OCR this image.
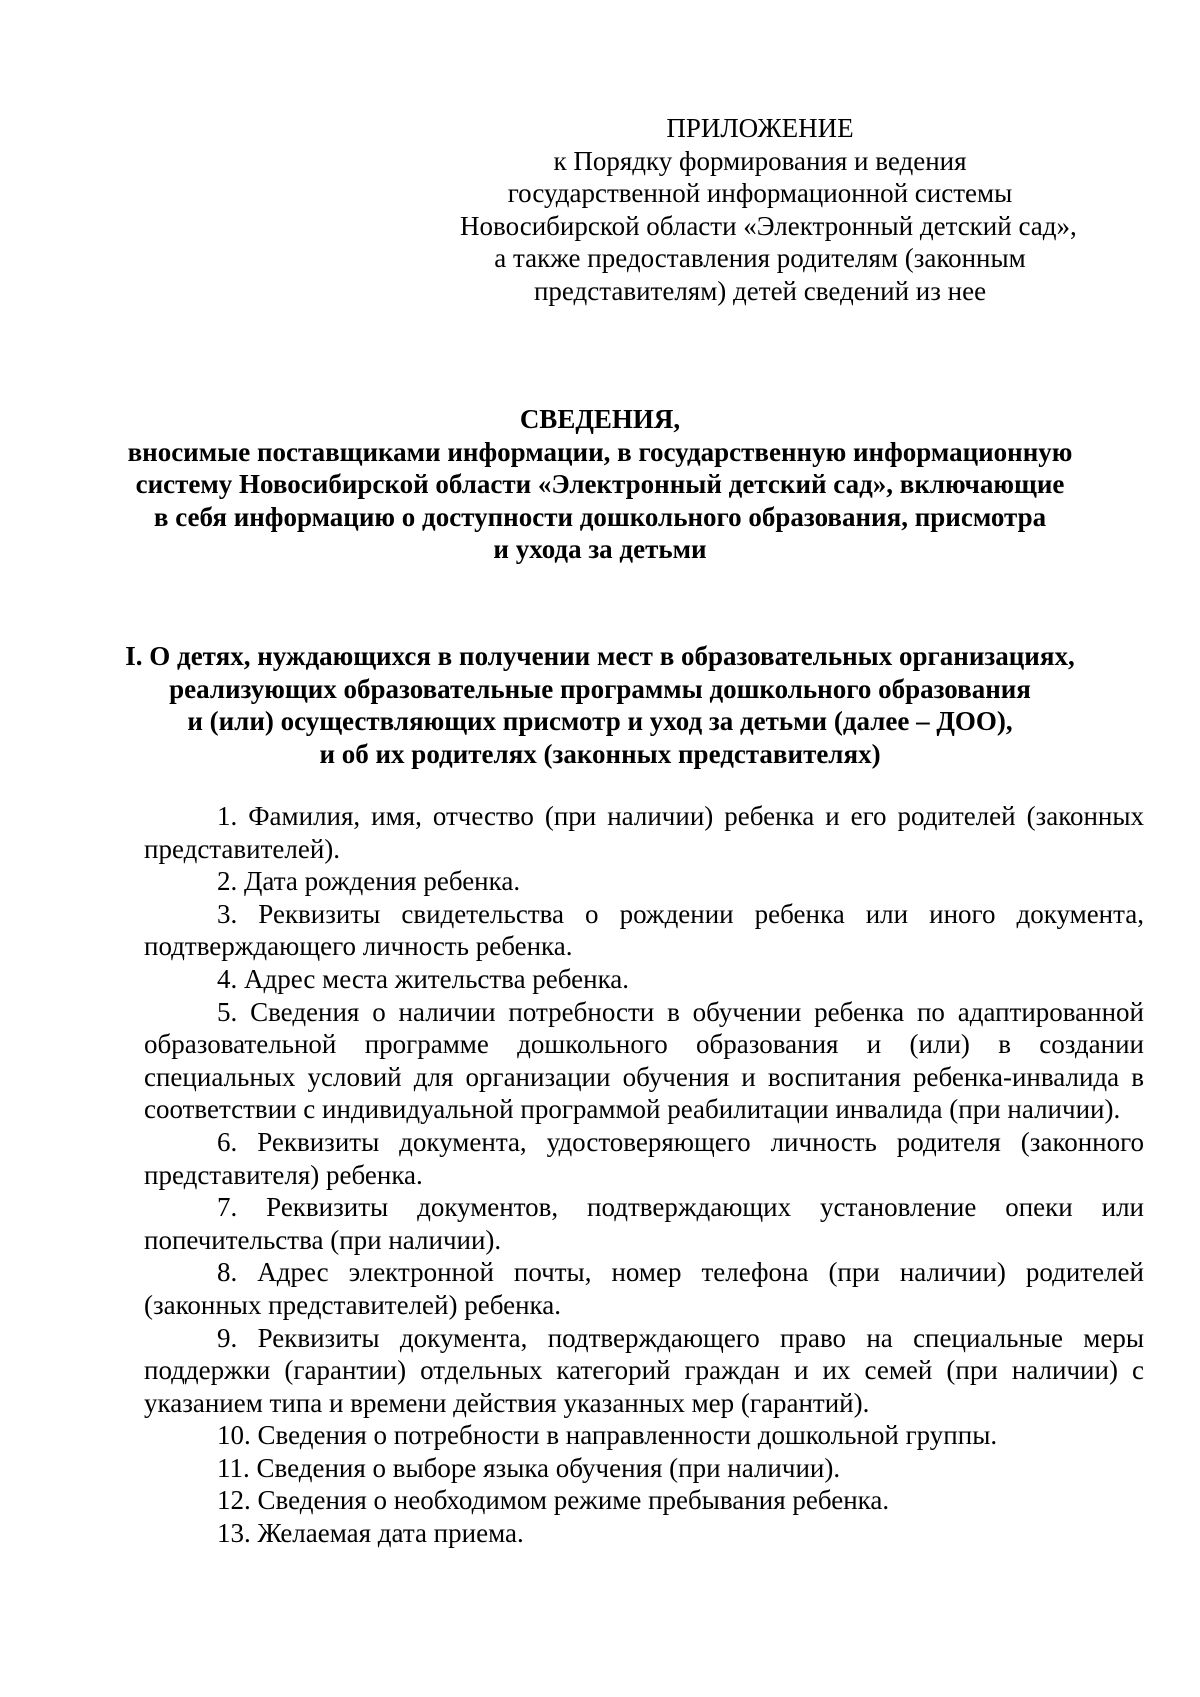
ПРИЛОЖЕНИЕ
к Порядку формирования и ведения
государственной информационной системы
Новосибирской области «Электронный детский сад»,
а также предоставления родителям (законным
представителям) детей сведений из нее
СВЕДЕНИЯ,
вносимые поставщиками информации, в государственную информационную
систему Новосибирской области «Электронный детский сад», включающие
в себя информацию о доступности дошкольного образования, присмотра
и ухода за детьми
I. О детях, нуждающихся в получении мест в образовательных организациях,
реализующих образовательные программы дошкольного образования
и (или) осуществляющих присмотр и уход за детьми (далее – ДОО),
и об их родителях (законных представителях)

1. Фамилия, имя, отчество (при наличии) ребенка и его родителей (законных представителей).

2. Дата рождения ребенка.

3. Реквизиты свидетельства о рождении ребенка или иного документа, подтверждающего личность ребенка.

4. Адрес места жительства ребенка.

5. Сведения о наличии потребности в обучении ребенка по адаптированной образовательной программе дошкольного образования и (или) в создании специальных условий для организации обучения и воспитания ребенка-инвалида в соответствии с индивидуальной программой реабилитации инвалида (при наличии).

6. Реквизиты документа, удостоверяющего личность родителя (законного представителя) ребенка.

7. Реквизиты документов, подтверждающих установление опеки или попечительства (при наличии).

8. Адрес электронной почты, номер телефона (при наличии) родителей (законных представителей) ребенка.

9. Реквизиты документа, подтверждающего право на специальные меры поддержки (гарантии) отдельных категорий граждан и их семей (при наличии) с указанием типа и времени действия указанных мер (гарантий).

10. Сведения о потребности в направленности дошкольной группы.

11. Сведения о выборе языка обучения (при наличии).

12. Сведения о необходимом режиме пребывания ребенка.

13. Желаемая дата приема.
